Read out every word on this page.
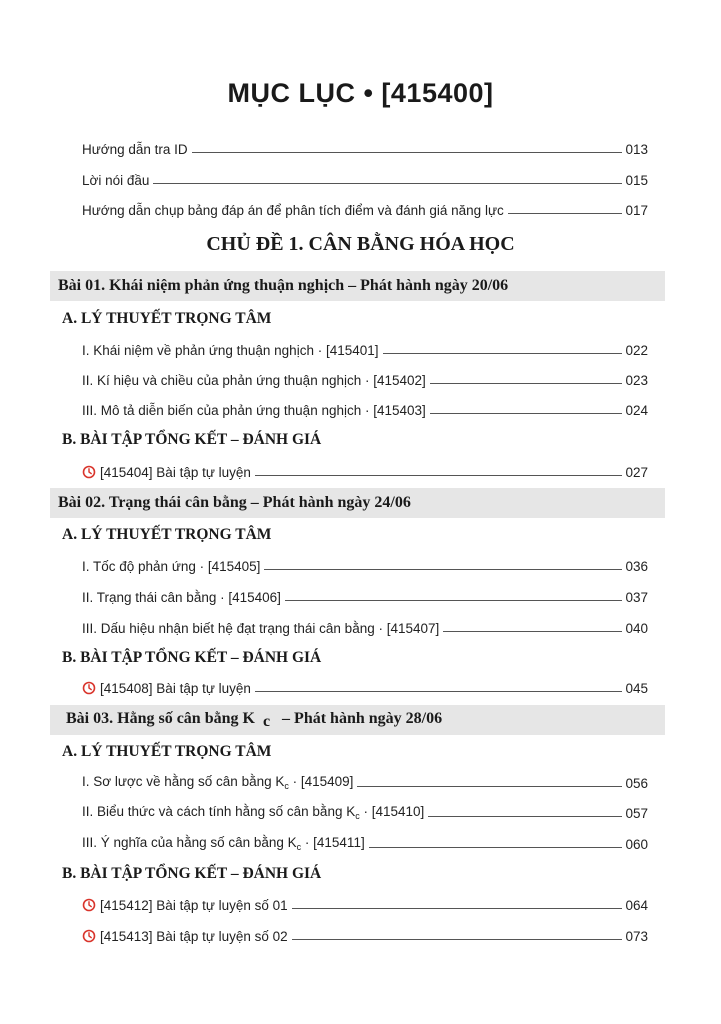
MỤC LỤC • [415400]
Hướng dẫn tra ID	013
Lời nói đầu	015
Hướng dẫn chụp bảng đáp án để phân tích điểm và đánh giá năng lực	017
CHỦ ĐỀ 1. CÂN BẰNG HÓA HỌC
Bài 01. Khái niệm phản ứng thuận nghịch – Phát hành ngày 20/06
A. LÝ THUYẾT TRỌNG TÂM
I. Khái niệm về phản ứng thuận nghịch · [415401]	022
II. Kí hiệu và chiều của phản ứng thuận nghịch · [415402]	023
III. Mô tả diễn biến của phản ứng thuận nghịch · [415403]	024
B. BÀI TẬP TỔNG KẾT – ĐÁNH GIÁ
[415404] Bài tập tự luyện	027
Bài 02. Trạng thái cân bằng – Phát hành ngày 24/06
A. LÝ THUYẾT TRỌNG TÂM
I. Tốc độ phản ứng · [415405]	036
II. Trạng thái cân bằng · [415406]	037
III. Dấu hiệu nhận biết hệ đạt trạng thái cân bằng · [415407]	040
B. BÀI TẬP TỔNG KẾT – ĐÁNH GIÁ
[415408] Bài tập tự luyện	045
Bài 03. Hằng số cân bằng K c – Phát hành ngày 28/06
A. LÝ THUYẾT TRỌNG TÂM
I. Sơ lược về hằng số cân bằng $K_c \cdot [415409]$	056
II. Biểu thức và cách tính hằng số cân bằng $K_c \cdot [415410]$	057
III. Ý nghĩa của hằng số cân bằng $K_c \cdot [415411]$	060
B. BÀI TẬP TỔNG KẾT – ĐÁNH GIÁ
[415412] Bài tập tự luyện số 01	064
[415413] Bài tập tự luyện số 02	073
